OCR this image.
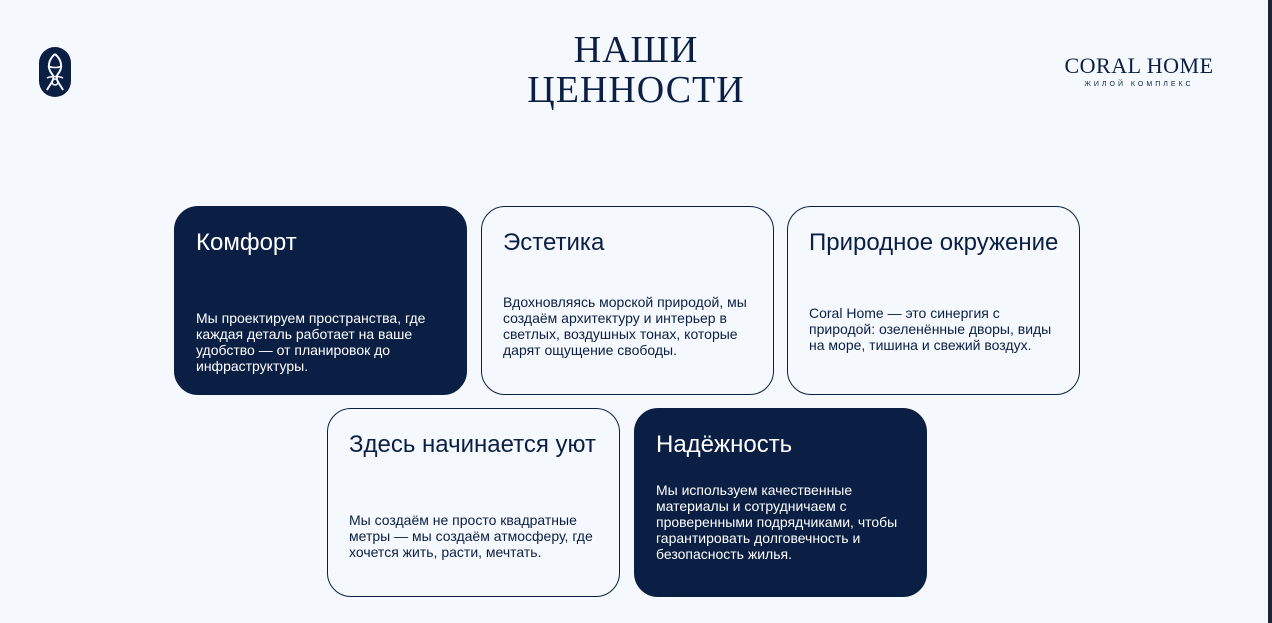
НАШИ
ЦЕННОСТИ
CORAL HOME
ЖИЛОЙ КОМПЛЕКС
Комфорт
Мы проектируем пространства, где каждая деталь работает на ваше удобство — от планировок до инфраструктуры.
Эстетика
Вдохновляясь морской природой, мы создаём архитектуру и интерьер в светлых, воздушных тонах, которые дарят ощущение свободы.
Природное окружение
Coral Home — это синергия с природой: озеленённые дворы, виды на море, тишина и свежий воздух.
Здесь начинается уют
Мы создаём не просто квадратные метры — мы создаём атмосферу, где хочется жить, расти, мечтать.
Надёжность
Мы используем качественные материалы и сотрудничаем с проверенными подрядчиками, чтобы гарантировать долговечность и безопасность жилья.
